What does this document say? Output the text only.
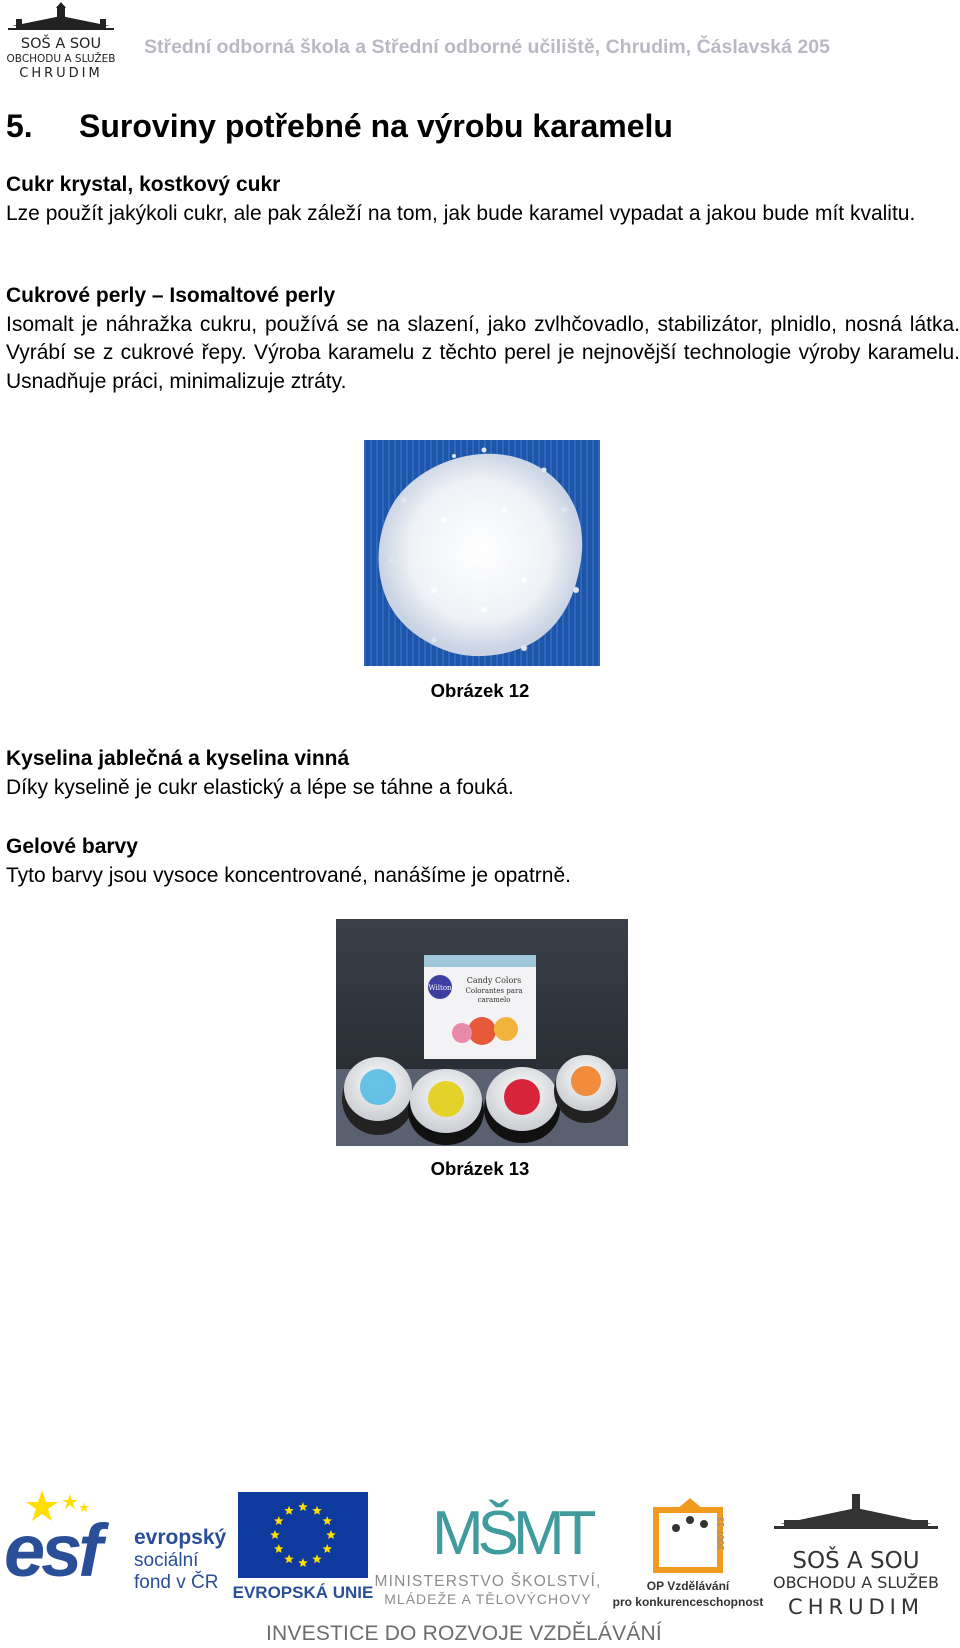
SOŠ A SOU
OBCHODU A SLUŽEB
CHRUDIM
Střední odborná škola a Střední odborné učiliště, Chrudim, Čáslavská 205
5. Suroviny potřebné na výrobu karamelu
Cukr krystal, kostkový cukr

Lze použít jakýkoli cukr, ale pak záleží na tom, jak bude karamel vypadat a jakou bude mít kvalitu.

Cukrové perly – Isomaltové perly

Isomalt je náhražka cukru, používá se na slazení, jako zvlhčovadlo, stabilizátor, plnidlo, nosná látka. Vyrábí se z cukrové řepy. Výroba karamelu z těchto perel je nejnovější technologie výroby karamelu. Usnadňuje práci, minimalizuje ztráty.

Obrázek 12
Kyselina jablečná a kyselina vinná

Díky kyselině je cukr elastický a lépe se táhne a fouká.

Gelové barvy

Tyto barvy jsou vysoce koncentrované, nanášíme je opatrně.

Wilton
Candy Colors
Colorantes para
caramelo
Obrázek 13
esf	evropský
sociální
fond v ČR EVROPSKÁ UNIE
MŠMT
MINISTERSTVO ŠKOLSTVÍ,
MLÁDEŽE A TĚLOVÝCHOVY
2007-13
OP Vzdělávání
pro konkurenceschopnost
SOŠ A SOU
OBCHODU A SLUŽEB
CHRUDIM
INVESTICE DO ROZVOJE VZDĚLÁVÁNÍ
